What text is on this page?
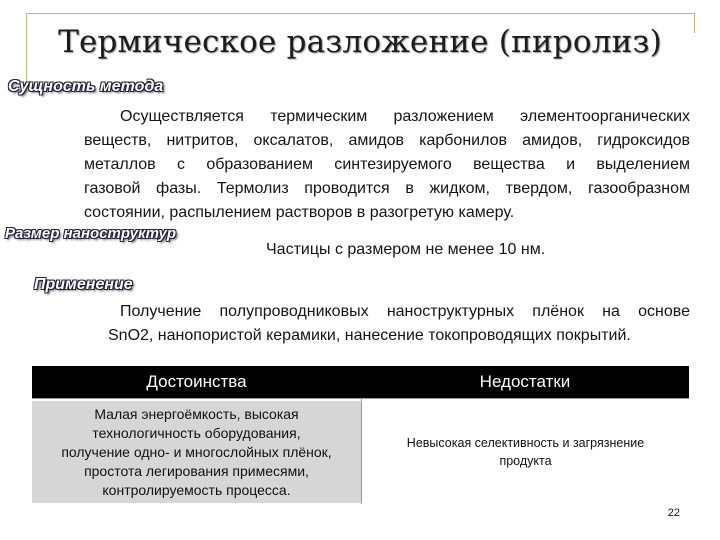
Термическое разложение (пиролиз)
Сущность метода
Осуществляется термическим разложением элементоорганических
веществ, нитритов, оксалатов, амидов карбонилов амидов, гидроксидов
металлов с образованием синтезируемого вещества и выделением
газовой фазы. Термолиз проводится в жидком, твердом, газообразном
состоянии, распылением растворов в разогретую камеру.
Размер наноструктур
Частицы с размером не менее 10 нм.
Применение
Получение полупроводниковых наноструктурных плёнок на основе
SnO2, нанопористой керамики, нанесение токопроводящих покрытий.
Достоинства	Недостатки
Малая энергоёмкость, высокая
технологичность оборудования,
получение одно- и многослойных плёнок,
простота легирования примесями,
контролируемость процесса.
Невысокая селективность и загрязнение
продукта
22
